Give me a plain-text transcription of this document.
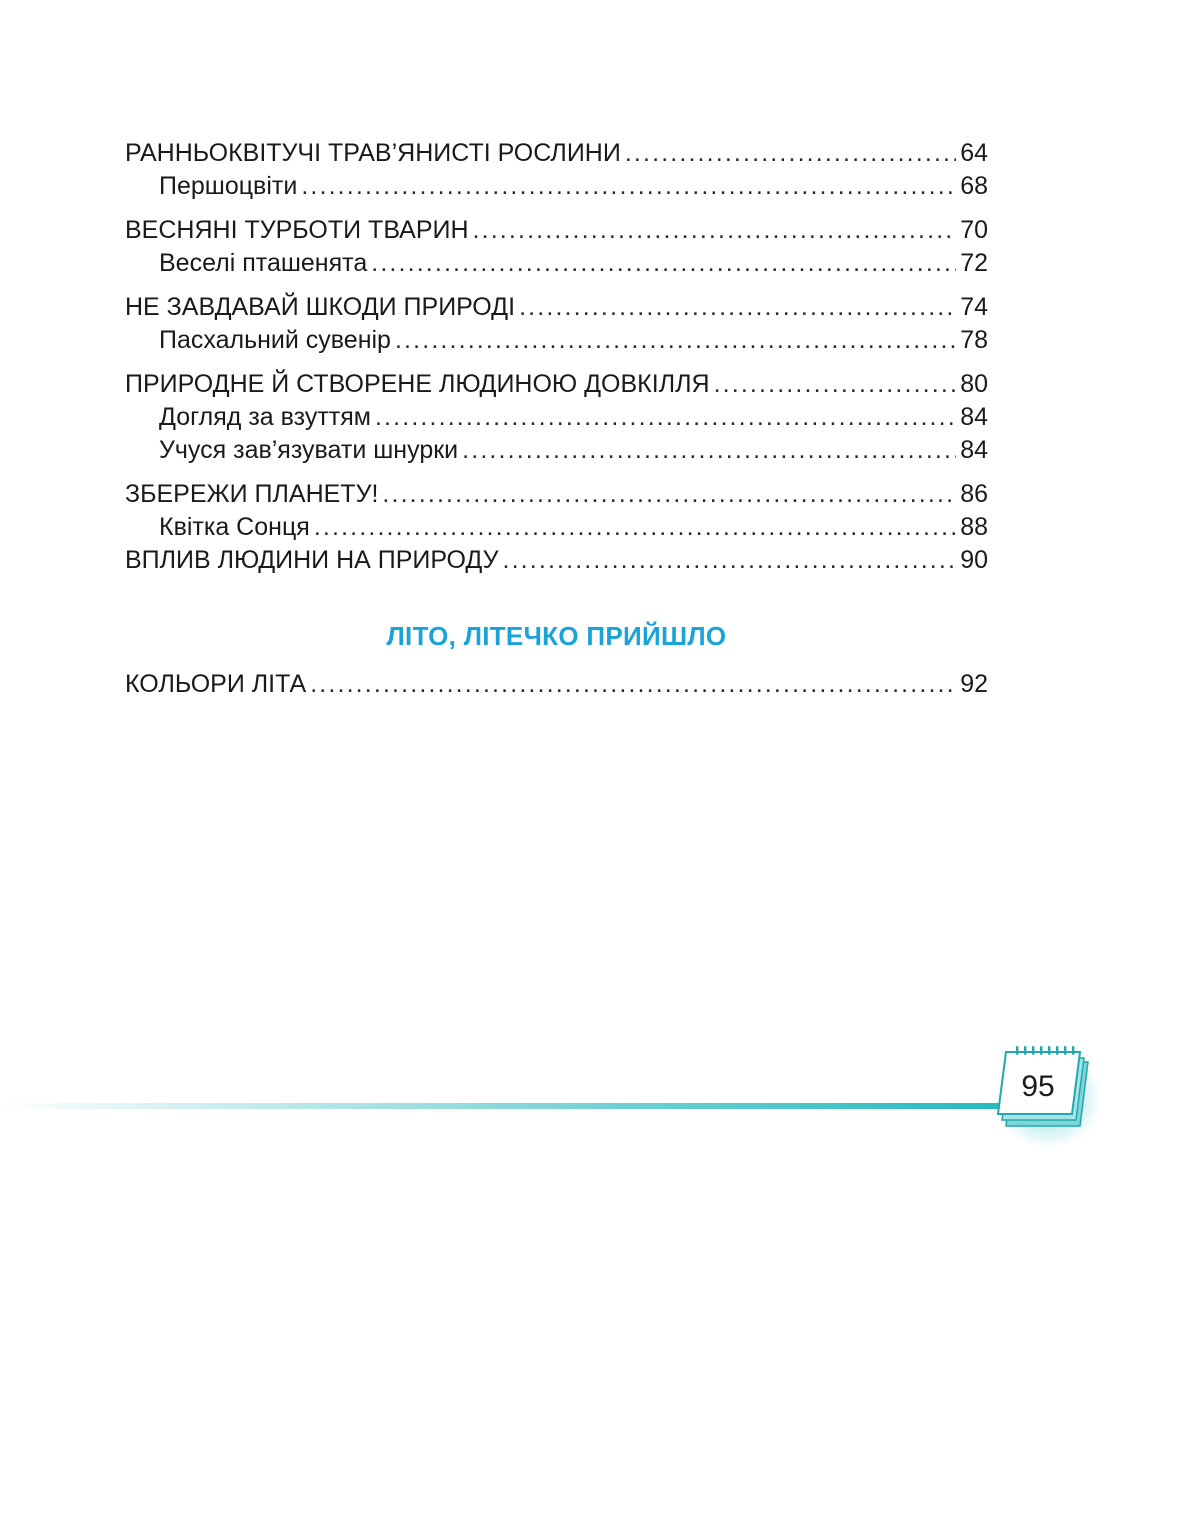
РАННЬОКВІТУЧІ ТРАВ’ЯНИСТІ РОСЛИНИ . . .	64
Першоцвіти . . .	68
ВЕСНЯНІ ТУРБОТИ ТВАРИН . . .	70
Веселі пташенята . . .	72
НЕ ЗАВДАВАЙ ШКОДИ ПРИРОДІ . . .	74
Пасхальний сувенір . . .	78
ПРИРОДНЕ Й СТВОРЕНЕ ЛЮДИНОЮ ДОВКІЛЛЯ . . .	80
Догляд за взуттям . . .	84
Учуся зав’язувати шнурки . . .	84
ЗБЕРЕЖИ ПЛАНЕТУ! . . .	86
Квітка Сонця . . .	88
ВПЛИВ ЛЮДИНИ НА ПРИРОДУ . . .	90
ЛІТО, ЛІТЕЧКО ПРИЙШЛО
КОЛЬОРИ ЛІТА . . .	92
95
